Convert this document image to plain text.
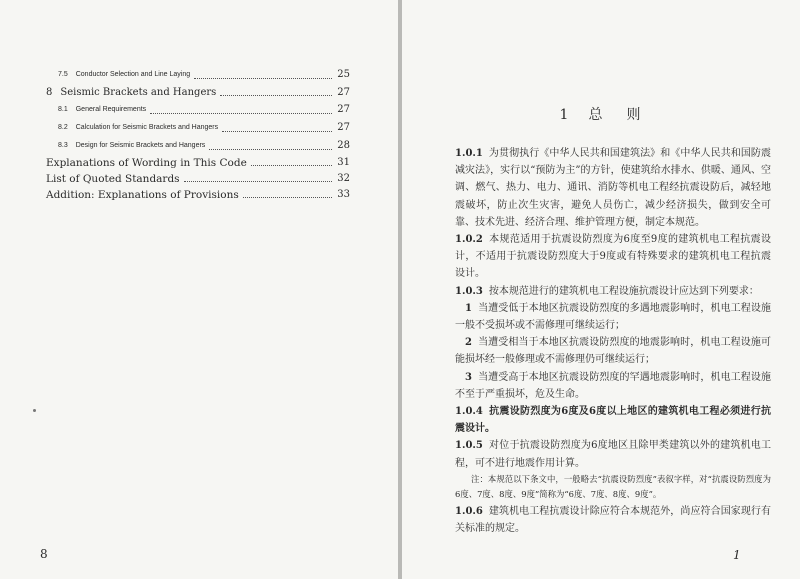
7.5 Conductor Selection and Line Laying	25
8 Seismic Brackets and Hangers	27
8.1 General Requirements	27
8.2 Calculation for Seismic Brackets and Hangers	27
8.3 Design for Seismic Brackets and Hangers	28
Explanations of Wording in This Code	31
List of Quoted Standards	32
Addition: Explanations of Provisions	33
8
1 总 则

1.0.1 为贯彻执行《中华人民共和国建筑法》和《中华人民共和国防震减灾法》，实行以“预防为主”的方针，使建筑给水排水、供暖、通风、空调、燃气、热力、电力、通讯、消防等机电工程经抗震设防后，减轻地震破坏，防止次生灾害，避免人员伤亡，减少经济损失，做到安全可靠、技术先进、经济合理、维护管理方便，制定本规范。

1.0.2 本规范适用于抗震设防烈度为6度至9度的建筑机电工程抗震设计，不适用于抗震设防烈度大于9度或有特殊要求的建筑机电工程抗震设计。

1.0.3 按本规范进行的建筑机电工程设施抗震设计应达到下列要求：

1 当遭受低于本地区抗震设防烈度的多遇地震影响时，机电工程设施一般不受损坏或不需修理可继续运行；

2 当遭受相当于本地区抗震设防烈度的地震影响时，机电工程设施可能损坏经一般修理或不需修理仍可继续运行；

3 当遭受高于本地区抗震设防烈度的罕遇地震影响时，机电工程设施不至于严重损坏，危及生命。

1.0.4 抗震设防烈度为6度及6度以上地区的建筑机电工程必须进行抗震设计。

1.0.5 对位于抗震设防烈度为6度地区且除甲类建筑以外的建筑机电工程，可不进行地震作用计算。

注：本规范以下条文中，一般略去“抗震设防烈度”表叙字样，对“抗震设防烈度为6度、7度、8度、9度”简称为“6度、7度、8度、9度”。

1.0.6 建筑机电工程抗震设计除应符合本规范外，尚应符合国家现行有关标准的规定。

1
